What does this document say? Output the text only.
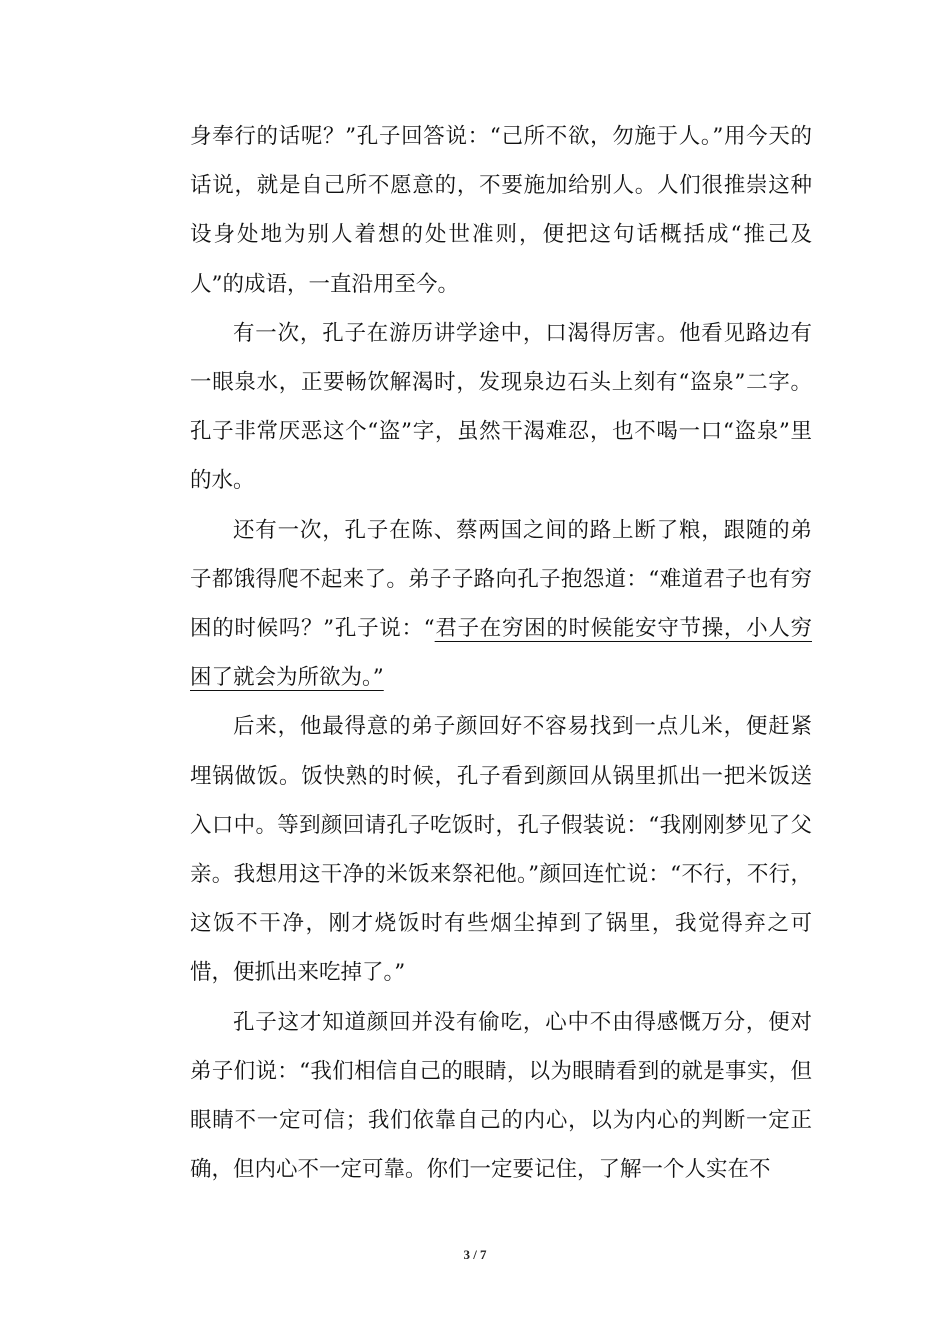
身奉行的话呢？”孔子回答说：“己所不欲，勿施于人。”用今天的话说，就是自己所不愿意的，不要施加给别人。人们很推崇这种设身处地为别人着想的处世准则，便把这句话概括成“推己及人”的成语，一直沿用至今。

有一次，孔子在游历讲学途中，口渴得厉害。他看见路边有一眼泉水，正要畅饮解渴时，发现泉边石头上刻有“盗泉”二字。孔子非常厌恶这个“盗”字，虽然干渴难忍，也不喝一口“盗泉”里的水。

还有一次，孔子在陈、蔡两国之间的路上断了粮，跟随的弟子都饿得爬不起来了。弟子子路向孔子抱怨道：“难道君子也有穷困的时候吗？”孔子说：“君子在穷困的时候能安守节操，小人穷困了就会为所欲为。”

后来，他最得意的弟子颜回好不容易找到一点儿米，便赶紧埋锅做饭。饭快熟的时候，孔子看到颜回从锅里抓出一把米饭送入口中。等到颜回请孔子吃饭时，孔子假装说：“我刚刚梦见了父亲。我想用这干净的米饭来祭祀他。”颜回连忙说：“不行，不行，这饭不干净，刚才烧饭时有些烟尘掉到了锅里，我觉得弃之可惜，便抓出来吃掉了。”

孔子这才知道颜回并没有偷吃，心中不由得感慨万分，便对弟子们说：“我们相信自己的眼睛，以为眼睛看到的就是事实，但眼睛不一定可信；我们依靠自己的内心，以为内心的判断一定正确，但内心不一定可靠。你们一定要记住，了解一个人实在不

3 / 7
